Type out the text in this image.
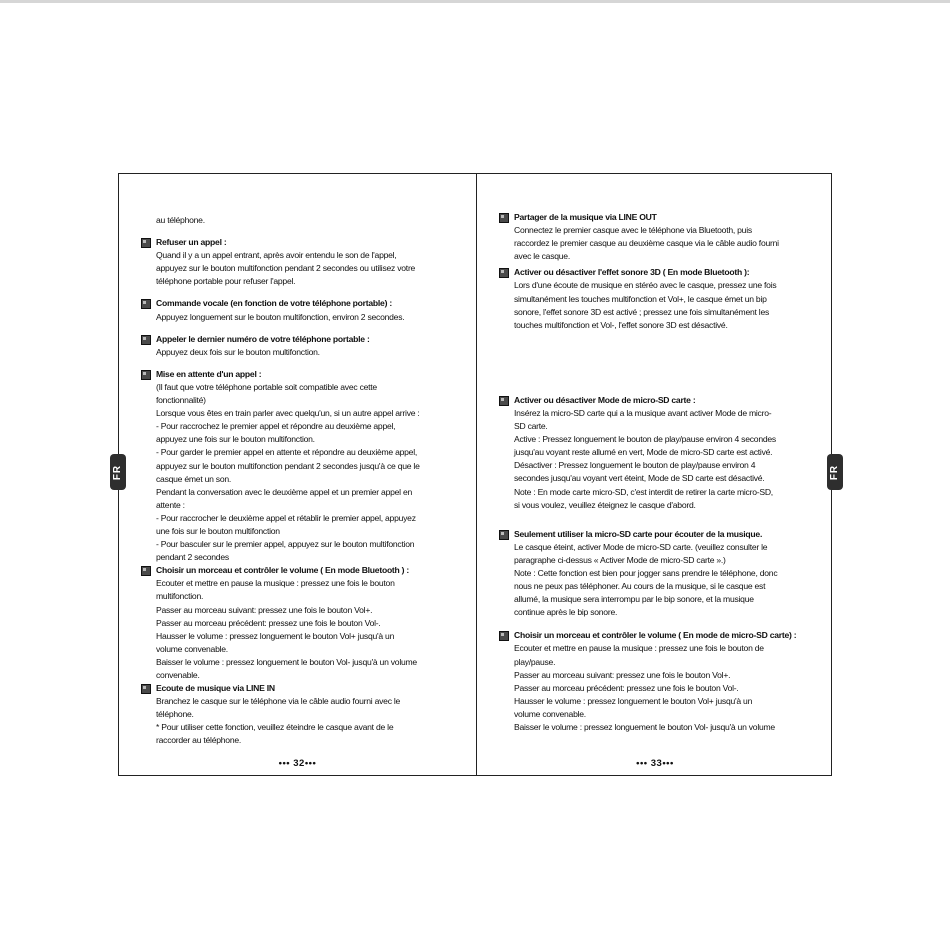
FR
au téléphone.
Refuser un appel :
Quand il y a un appel entrant, après avoir entendu le son de l'appel,
appuyez sur le bouton multifonction pendant 2 secondes ou utilisez votre
téléphone portable pour refuser l'appel.
Commande vocale (en fonction de votre téléphone portable) :
Appuyez longuement sur le bouton multifonction, environ 2 secondes.
Appeler le dernier numéro de votre téléphone portable :
Appuyez deux fois sur le bouton multifonction.
Mise en attente d'un appel :
(Il faut que votre téléphone portable soit compatible avec cette
fonctionnalité)
Lorsque vous êtes en train parler avec quelqu'un, si un autre appel arrive :
- Pour raccrochez le premier appel et répondre au deuxième appel,
appuyez une fois sur le bouton multifonction.
- Pour garder le premier appel en attente et répondre au deuxième appel,
appuyez sur le bouton multifonction pendant 2 secondes jusqu'à ce que le
casque émet un son.
Pendant la conversation avec le deuxième appel et un premier appel en
attente :
- Pour raccrocher le deuxième appel et rétablir le premier appel, appuyez
une fois sur le bouton multifonction
- Pour basculer sur le premier appel, appuyez sur le bouton multifonction
pendant 2 secondes
Choisir un morceau et contrôler le volume ( En mode Bluetooth ) :
Ecouter et mettre en pause la musique : pressez une fois le bouton
multifonction.
Passer au morceau suivant: pressez une fois le bouton Vol+.
Passer au morceau précédent: pressez une fois le bouton Vol-.
Hausser le volume : pressez longuement le bouton Vol+ jusqu'à un
volume convenable.
Baisser le volume : pressez longuement le bouton Vol- jusqu'à un volume
convenable.
Ecoute de musique via LINE IN
Branchez le casque sur le téléphone via le câble audio fourni avec le
téléphone.
* Pour utiliser cette fonction, veuillez éteindre le casque avant de le
raccorder au téléphone.
••• 32•••
FR
Partager de la musique via LINE OUT
Connectez le premier casque avec le téléphone via Bluetooth, puis
raccordez le premier casque au deuxième casque via le câble audio fourni
avec le casque.
Activer ou désactiver l'effet sonore 3D ( En mode Bluetooth ):
Lors d'une écoute de musique en stéréo avec le casque, pressez une fois
simultanément les touches multifonction et Vol+, le casque émet un bip
sonore, l'effet sonore 3D est activé ; pressez une fois simultanément les
touches multifonction et Vol-, l'effet sonore 3D est désactivé.
Activer ou désactiver Mode de micro-SD carte :
Insérez la micro-SD carte qui a la musique avant activer Mode de micro-
SD carte.
Active : Pressez longuement le bouton de play/pause environ 4 secondes
jusqu'au voyant reste allumé en vert, Mode de micro-SD carte est activé.
Désactiver : Pressez longuement le bouton de play/pause environ 4
secondes jusqu'au voyant vert éteint, Mode de SD carte est désactivé.
Note : En mode carte micro-SD, c'est interdit de retirer la carte micro-SD,
si vous voulez, veuillez éteignez le casque d'abord.
Seulement utiliser la micro-SD carte pour écouter de la musique.
Le casque éteint, activer Mode de micro-SD carte. (veuillez consulter le
paragraphe ci-dessus « Activer Mode de micro-SD carte ».)
Note : Cette fonction est bien pour jogger sans prendre le téléphone, donc
nous ne peux pas téléphoner. Au cours de la musique, si le casque est
allumé, la musique sera interrompu par le bip sonore, et la musique
continue après le bip sonore.
Choisir un morceau et contrôler le volume ( En mode de micro-SD carte) :
Ecouter et mettre en pause la musique : pressez une fois le bouton de
play/pause.
Passer au morceau suivant: pressez une fois le bouton Vol+.
Passer au morceau précédent: pressez une fois le bouton Vol-.
Hausser le volume : pressez longuement le bouton Vol+ jusqu'à un
volume convenable.
Baisser le volume : pressez longuement le bouton Vol- jusqu'à un volume
••• 33•••
